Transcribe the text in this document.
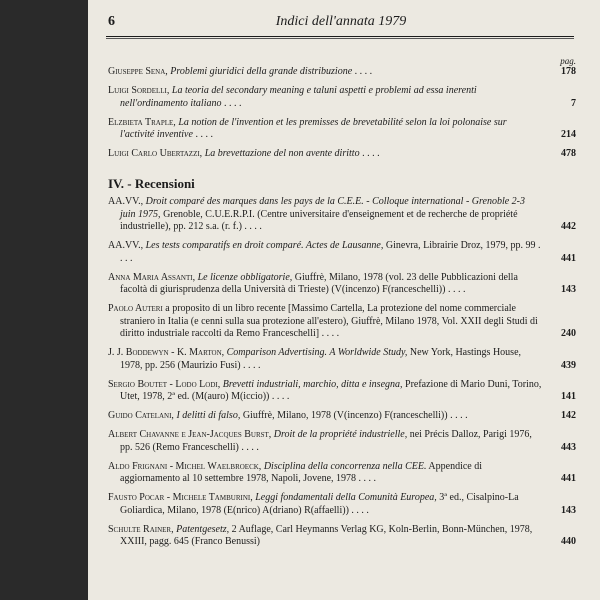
6	Indici dell'annata 1979
pag.
Giuseppe Sena, Problemi giuridici della grande distribuzione . . . .	178
Luigi Sordelli, La teoria del secondary meaning e taluni aspetti e problemi ad essa inerenti nell'ordinamento italiano . . . .	7
Elzbieta Traple, La notion de l'invention et les premisses de brevetabilité selon la loi polonaise sur l'activité inventive . . . .	214
Luigi Carlo Ubertazzi, La brevettazione del non avente diritto . . . .	478
IV. - Recensioni
AA.VV., Droit comparé des marques dans les pays de la C.E.E. - Colloque international - Grenoble 2-3 juin 1975, Grenoble, C.U.E.R.P.I. (Centre universitaire d'enseignement et de recherche de propriété industrielle), pp. 212 s.a. (r. f.) . . . .	442
AA.VV., Les tests comparatifs en droit comparé. Actes de Lausanne, Ginevra, Librairie Droz, 1979, pp. 99 . . . .	441
Anna Maria Assanti, Le licenze obbligatorie, Giuffrè, Milano, 1978 (vol. 23 delle Pubblicazioni della facoltà di giurisprudenza della Università di Trieste) (V(incenzo) F(ranceschelli)) . . . .	143
Paolo Auteri a proposito di un libro recente [Massimo Cartella, La protezione del nome commerciale straniero in Italia (e cenni sulla sua protezione all'estero), Giuffrè, Milano 1978, Vol. XXII degli Studi di diritto industriale raccolti da Remo Franceschelli] . . . .	240
J. J. Boddewyn - K. Marton, Comparison Advertising. A Worldwide Study, New York, Hastings House, 1978, pp. 256 (Maurizio Fusi) . . . .	439
Sergio Boutet - Lodo Lodi, Brevetti industriali, marchio, ditta e insegna, Prefazione di Mario Duni, Torino, Utet, 1978, 2ª ed. (M(auro) M(iccio)) . . . .	141
Guido Catelani, I delitti di falso, Giuffrè, Milano, 1978 (V(incenzo) F(ranceschelli)) . . . .	142
Albert Chavanne e Jean-Jacques Burst, Droit de la propriété industrielle, nei Précis Dalloz, Parigi 1976, pp. 526 (Remo Franceschelli) . . . .	443
Aldo Frignani - Michel Waelbroeck, Disciplina della concorrenza nella CEE. Appendice di aggiornamento al 10 settembre 1978, Napoli, Jovene, 1978 . . . .	441
Fausto Pocar - Michele Tamburini, Leggi fondamentali della Comunità Europea, 3ª ed., Cisalpino-La Goliardica, Milano, 1978 (E(nrico) A(driano) R(affaelli)) . . . .	143
Schulte Rainer, Patentgesetz, 2 Auflage, Carl Heymanns Verlag KG, Koln-Berlin, Bonn-München, 1978, XXIII, pagg. 645 (Franco Benussi)	440
